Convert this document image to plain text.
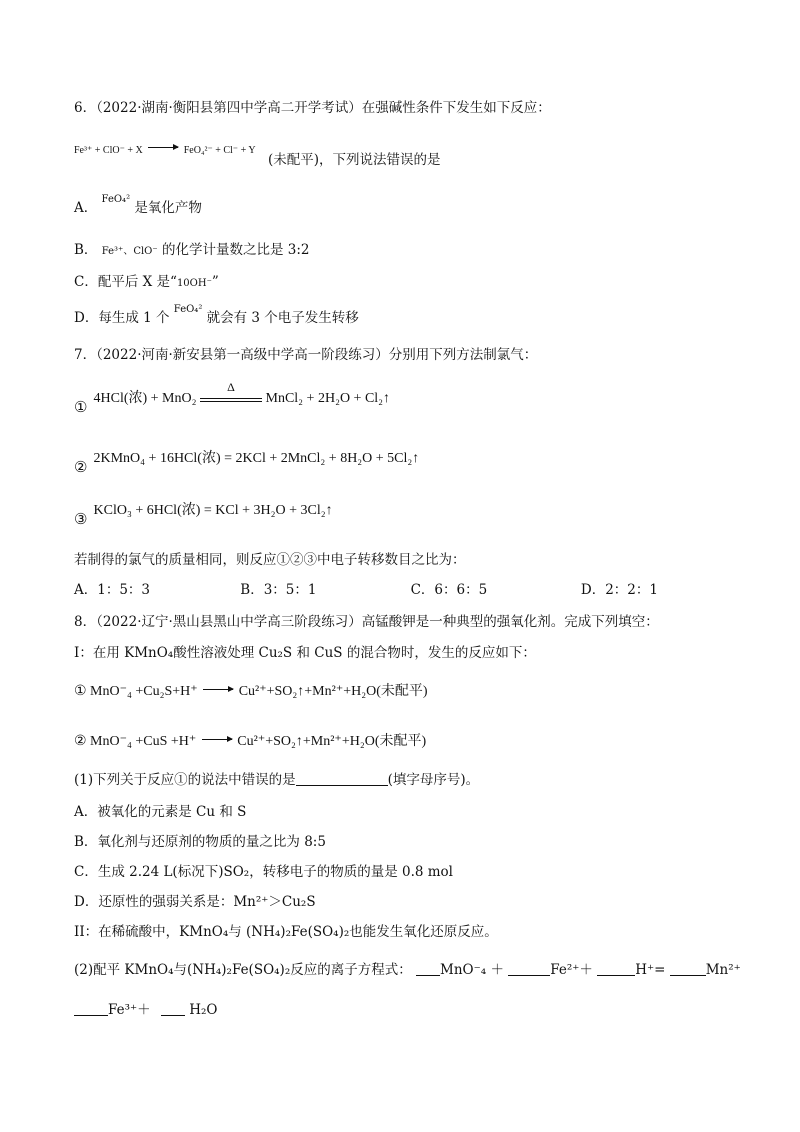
6．（2022·湖南·衡阳县第四中学高二开学考试）在强碱性条件下发生如下反应：
Fe³⁺ + ClO⁻ + X	FeO₄²⁻ + Cl⁻ + Y
(未配平)，下列说法错误的是
A． $^{FeO_4^2}$ 是氧化产物
B． Fe³⁺、ClO⁻ 的化学计量数之比是 3:2
C．配平后 X 是“10OH⁻”
D．每生成 1 个 $^{FeO_4^2}$ 就会有 3 个电子发生转移
7．（2022·河南·新安县第一高级中学高一阶段练习）分别用下列方法制氯气：
① 4HCl(浓) + MnO₂
Δ
MnCl₂ + 2H₂O + Cl₂↑
② 2KMnO₄ + 16HCl(浓) = 2KCl + 2MnCl₂ + 8H₂O + 5Cl₂↑
③ KClO₃ + 6HCl(浓) = KCl + 3H₂O + 3Cl₂↑
若制得的氯气的质量相同，则反应①②③中电子转移数目之比为：
A．1：5：3	B．3：5：1	C．6：6：5	D．2：2：1
8．（2022·辽宁·黑山县黑山中学高三阶段练习）高锰酸钾是一种典型的强氧化剂。完成下列填空：
I：在用 KMnO₄酸性溶液处理 Cu₂S 和 CuS 的混合物时，发生的反应如下：
① MnO⁻₄ +Cu₂S+H⁺	Cu²⁺+SO₂↑+Mn²⁺+H₂O(未配平)
② MnO⁻₄ +CuS +H⁺	Cu²⁺+SO₂↑+Mn²⁺+H₂O(未配平)
(1)下列关于反应①的说法中错误的是	(填字母序号)。
A．被氧化的元素是 Cu 和 S
B．氧化剂与还原剂的物质的量之比为 8:5
C．生成 2.24 L(标况下)SO₂，转移电子的物质的量是 0.8 mol
D．还原性的强弱关系是：Mn²⁺＞Cu₂S
II：在稀硫酸中，KMnO₄与 (NH₄)₂Fe(SO₄)₂也能发生氧化还原反应。
(2)配平 KMnO₄与(NH₄)₂Fe(SO₄)₂反应的离子方程式： MnO⁻₄ ＋	Fe²⁺＋	H⁺=	Mn²⁺
Fe³⁺＋	H₂O
